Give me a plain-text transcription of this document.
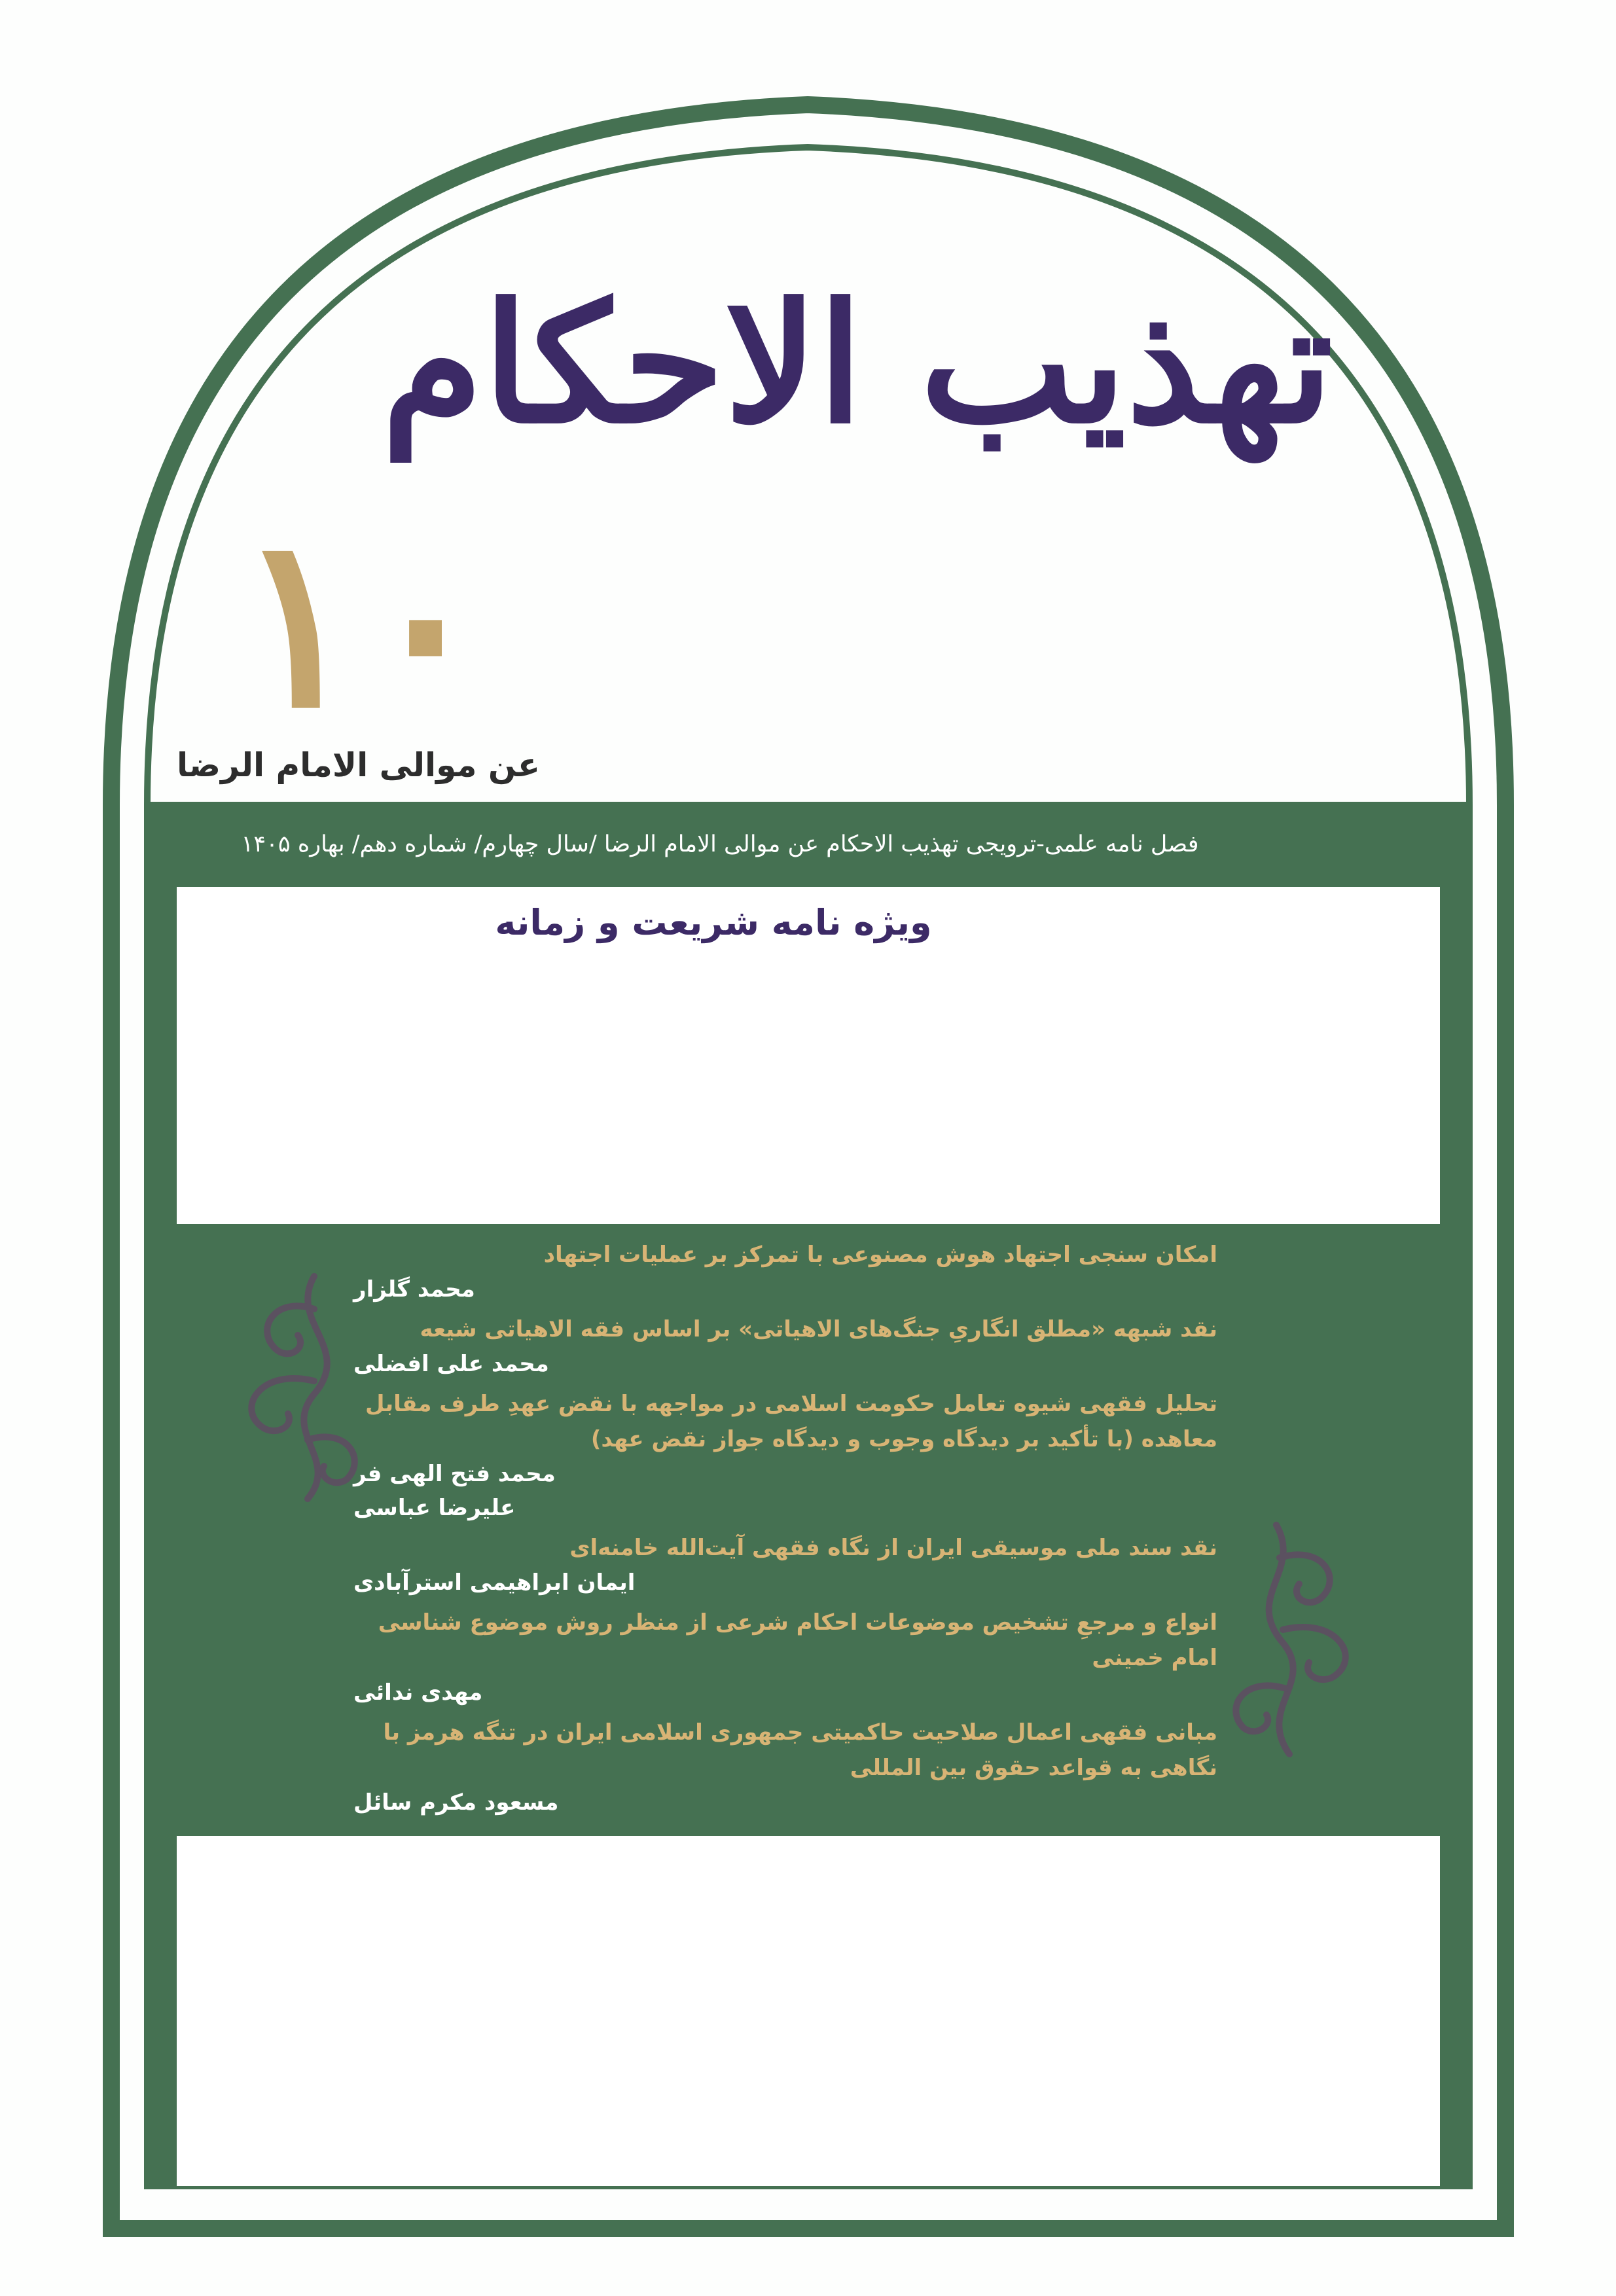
تهذیب الاحکام
۱۰
عن موالی الامام الرضا
فصل نامه علمی-ترویجی تهذیب الاحکام عن موالی الامام الرضا ‎/سال چهارم/ شماره دهم/ بهاره ۱۴۰۵
ویژه نامه شریعت و زمانه
امکان سنجی اجتهاد هوش مصنوعی با تمرکز بر عملیات اجتهاد
محمد گلزار
نقد شبهه «مطلق انگاریِ جنگ‌های الاهیاتی» بر اساس فقه الاهیاتی شیعه
محمد علی افضلی
تحلیل فقهی شیوه تعامل حکومت اسلامی در مواجهه با نقض عهدِ طرف مقابل معاهده (با تأکید بر دیدگاه وجوب و دیدگاه جواز نقض عهد)
محمد فتح الهی فر
علیرضا عباسی
نقد سند ملی موسیقی ایران از نگاه فقهی آیت‌الله خامنه‌ای
ایمان ابراهیمی استرآبادی
انواع و مرجعِ تشخیص موضوعات احکام شرعی از منظر روش موضوع شناسی امام خمینی
مهدی ندائی
مبانی فقهی اعمال صلاحیت حاکمیتی جمهوری اسلامی ایران در تنگه هرمز با نگاهی به قواعد حقوق بین المللی
مسعود مکرم سائل
